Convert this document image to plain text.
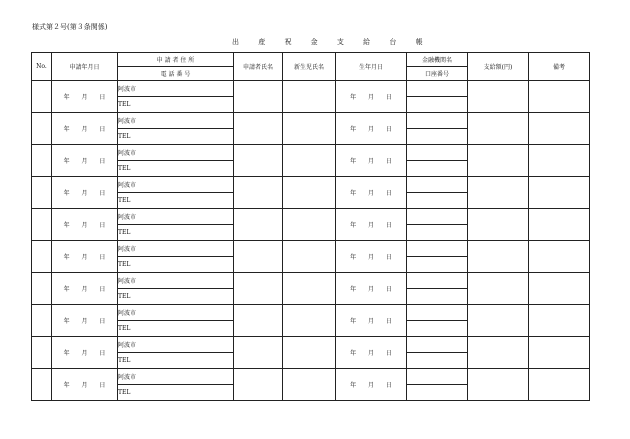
様式第２号(第３条関係)
出 産 祝 金 支 給 台 帳
No.	申請年月日	申 請 者 住 所	申請者氏名	新生児氏名	生年月日	金融機関名	支給額(円)	備考
		電 話 番 号				口座番号		
	年 月 日	阿波市			年 月 日			
		TEL						
	年 月 日	阿波市			年 月 日			
		TEL						
	年 月 日	阿波市			年 月 日			
		TEL						
	年 月 日	阿波市			年 月 日			
		TEL						
	年 月 日	阿波市			年 月 日			
		TEL						
	年 月 日	阿波市			年 月 日			
		TEL						
	年 月 日	阿波市			年 月 日			
		TEL						
	年 月 日	阿波市			年 月 日			
		TEL						
	年 月 日	阿波市			年 月 日			
		TEL						
	年 月 日	阿波市			年 月 日			
		TEL						
